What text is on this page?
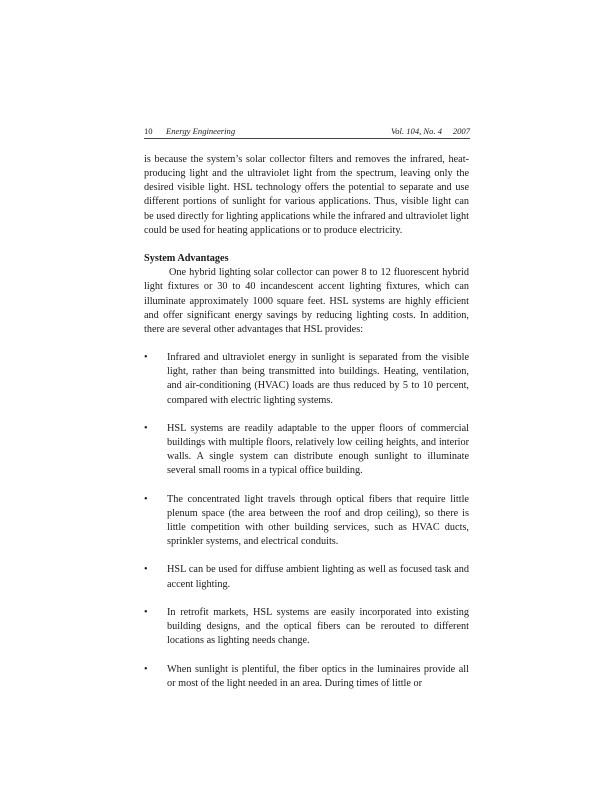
10 Energy Engineering	Vol. 104, No. 4 2007

is because the system’s solar collector filters and removes the infrared, heat-producing light and the ultraviolet light from the spectrum, leaving only the desired visible light. HSL technology offers the potential to separate and use different portions of sunlight for various applications. Thus, visible light can be used directly for lighting applications while the infrared and ultraviolet light could be used for heating applications or to produce electricity.

System Advantages

One hybrid lighting solar collector can power 8 to 12 fluorescent hybrid light fixtures or 30 to 40 incandescent accent lighting fixtures, which can illuminate approximately 1000 square feet. HSL systems are highly efficient and offer significant energy savings by reducing lighting costs. In addition, there are several other advantages that HSL provides:

• Infrared and ultraviolet energy in sunlight is separated from the visible light, rather than being transmitted into buildings. Heating, ventilation, and air-conditioning (HVAC) loads are thus reduced by 5 to 10 percent, compared with electric lighting systems.
• HSL systems are readily adaptable to the upper floors of commercial buildings with multiple floors, relatively low ceiling heights, and interior walls. A single system can distribute enough sunlight to illuminate several small rooms in a typical office building.
• The concentrated light travels through optical fibers that require little plenum space (the area between the roof and drop ceiling), so there is little competition with other building services, such as HVAC ducts, sprinkler systems, and electrical conduits.
• HSL can be used for diffuse ambient lighting as well as focused task and accent lighting.
• In retrofit markets, HSL systems are easily incorporated into existing building designs, and the optical fibers can be rerouted to different locations as lighting needs change.
• When sunlight is plentiful, the fiber optics in the luminaires provide all or most of the light needed in an area. During times of little or
